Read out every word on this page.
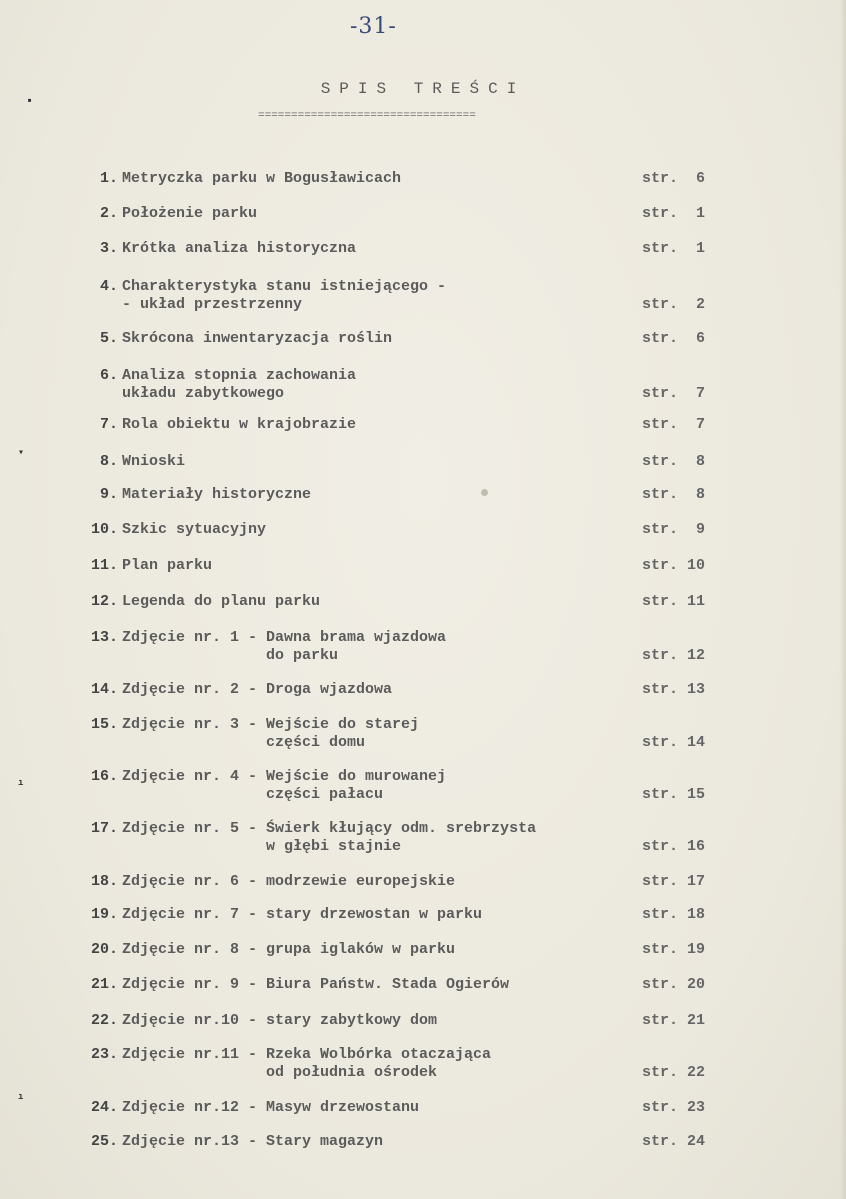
-31-
SPIS TREŚCI
=================================
▪
▾
ı
ı
1. Metryczka parku w Bogusławicach	str.  6
2. Położenie parku	str.  1
3. Krótka analiza historyczna	str.  1
4. Charakterystyka stanu istniejącego -
- układ przestrzenny	str.  2
5. Skrócona inwentaryzacja roślin	str.  6
6. Analiza stopnia zachowania
układu zabytkowego	str.  7
7. Rola obiektu w krajobrazie	str.  7
8. Wnioski	str.  8
9. Materiały historyczne	str.  8
10. Szkic sytuacyjny	str.  9
11. Plan parku	str. 10
12. Legenda do planu parku	str. 11
13. Zdjęcie nr. 1 - Dawna brama wjazdowa
do parku	str. 12
14. Zdjęcie nr. 2 - Droga wjazdowa	str. 13
15. Zdjęcie nr. 3 - Wejście do starej
części domu	str. 14
16. Zdjęcie nr. 4 - Wejście do murowanej
części pałacu	str. 15
17. Zdjęcie nr. 5 - Świerk kłujący odm. srebrzysta
w głębi stajnie	str. 16
18. Zdjęcie nr. 6 - modrzewie europejskie	str. 17
19. Zdjęcie nr. 7 - stary drzewostan w parku	str. 18
20. Zdjęcie nr. 8 - grupa iglaków w parku	str. 19
21. Zdjęcie nr. 9 - Biura Państw. Stada Ogierów	str. 20
22. Zdjęcie nr.10 - stary zabytkowy dom	str. 21
23. Zdjęcie nr.11 - Rzeka Wolbórka otaczająca
od południa ośrodek	str. 22
24. Zdjęcie nr.12 - Masyw drzewostanu	str. 23
25. Zdjęcie nr.13 - Stary magazyn	str. 24
